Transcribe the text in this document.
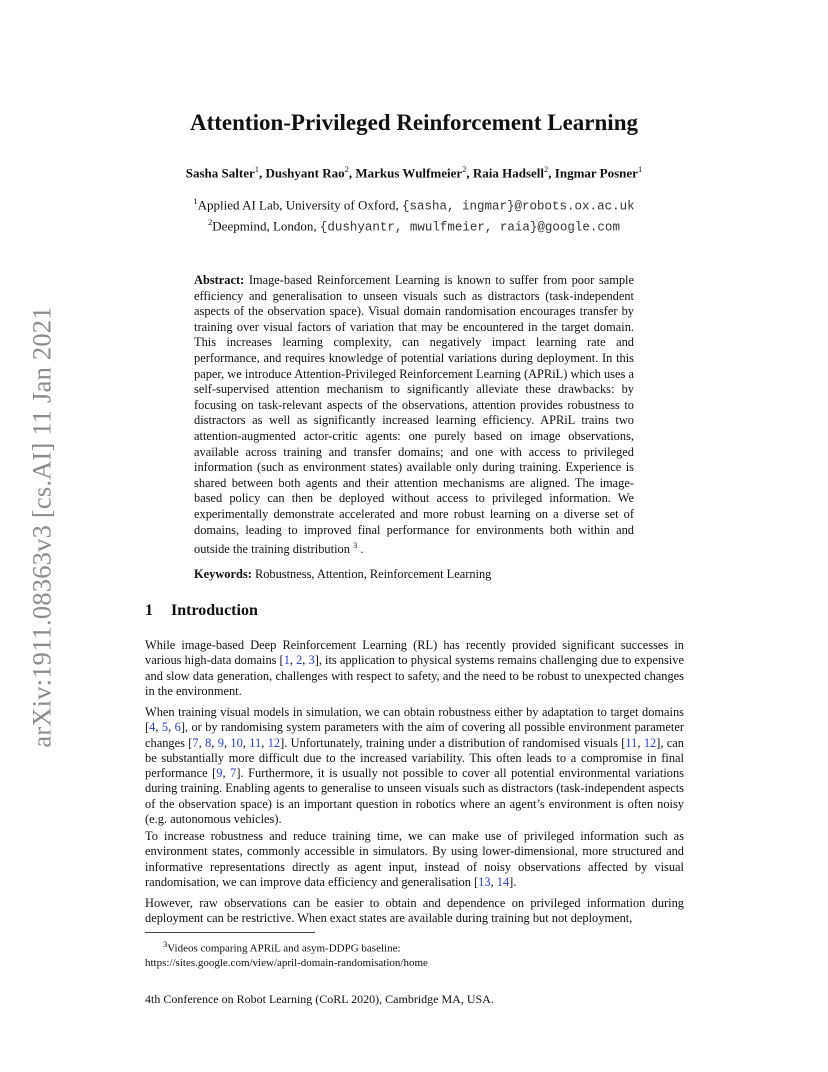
arXiv:1911.08363v3 [cs.AI] 11 Jan 2021
Attention-Privileged Reinforcement Learning
Sasha Salter$^1$, Dushyant Rao$^2$, Markus Wulfmeier$^2$, Raia Hadsell$^2$, Ingmar Posner$^1$
$^1$Applied AI Lab, University of Oxford, {sasha, ingmar}@robots.ox.ac.uk
$^2$Deepmind, London, {dushyantr, mwulfmeier, raia}@google.com

Abstract: Image-based Reinforcement Learning is known to suffer from poor sample efficiency and generalisation to unseen visuals such as distractors (task-independent aspects of the observation space). Visual domain randomisation encourages transfer by training over visual factors of variation that may be encountered in the target domain. This increases learning complexity, can negatively impact learning rate and performance, and requires knowledge of potential variations during deployment. In this paper, we introduce Attention-Privileged Reinforcement Learning (APRiL) which uses a self-supervised attention mechanism to significantly alleviate these drawbacks: by focusing on task-relevant aspects of the observations, attention provides robustness to distractors as well as significantly increased learning efficiency. APRiL trains two attention-augmented actor-critic agents: one purely based on image observations, available across training and transfer domains; and one with access to privileged information (such as environment states) available only during training. Experience is shared between both agents and their attention mechanisms are aligned. The image-based policy can then be deployed without access to privileged information. We experimentally demonstrate accelerated and more robust learning on a diverse set of domains, leading to improved final performance for environments both within and outside the training distribution $^3$ .

Keywords: Robustness, Attention, Reinforcement Learning
1 Introduction

While image-based Deep Reinforcement Learning (RL) has recently provided significant successes in various high-data domains [1, 2, 3], its application to physical systems remains challenging due to expensive and slow data generation, challenges with respect to safety, and the need to be robust to unexpected changes in the environment.

When training visual models in simulation, we can obtain robustness either by adaptation to target domains [4, 5, 6], or by randomising system parameters with the aim of covering all possible environment parameter changes [7, 8, 9, 10, 11, 12]. Unfortunately, training under a distribution of randomised visuals [11, 12], can be substantially more difficult due to the increased variability. This often leads to a compromise in final performance [9, 7]. Furthermore, it is usually not possible to cover all potential environmental variations during training. Enabling agents to generalise to unseen visuals such as distractors (task-independent aspects of the observation space) is an important question in robotics where an agent’s environment is often noisy (e.g. autonomous vehicles).

To increase robustness and reduce training time, we can make use of privileged information such as environment states, commonly accessible in simulators. By using lower-dimensional, more structured and informative representations directly as agent input, instead of noisy observations affected by visual randomisation, we can improve data efficiency and generalisation [13, 14].

However, raw observations can be easier to obtain and dependence on privileged information during deployment can be restrictive. When exact states are available during training but not deployment,

$^3$Videos comparing APRiL and asym-DDPG baseline:
https://sites.google.com/view/april-domain-randomisation/home
4th Conference on Robot Learning (CoRL 2020), Cambridge MA, USA.
